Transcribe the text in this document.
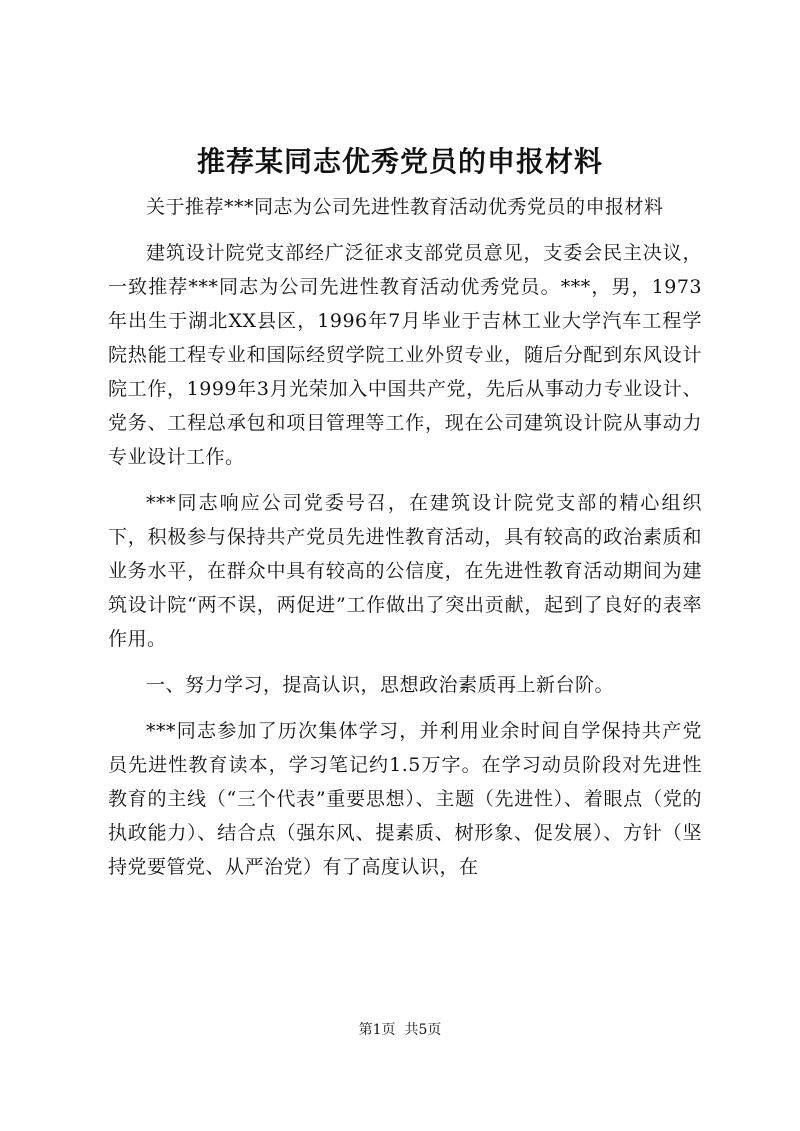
推荐某同志优秀党员的申报材料

关于推荐***同志为公司先进性教育活动优秀党员的申报材料

建筑设计院党支部经广泛征求支部党员意见，支委会民主决议，一致推荐***同志为公司先进性教育活动优秀党员。***，男，1973年出生于湖北XX县区，1996年7月毕业于吉林工业大学汽车工程学院热能工程专业和国际经贸学院工业外贸专业，随后分配到东风设计院工作，1999年3月光荣加入中国共产党，先后从事动力专业设计、党务、工程总承包和项目管理等工作，现在公司建筑设计院从事动力专业设计工作。

***同志响应公司党委号召，在建筑设计院党支部的精心组织下，积极参与保持共产党员先进性教育活动，具有较高的政治素质和业务水平，在群众中具有较高的公信度，在先进性教育活动期间为建筑设计院“两不误，两促进”工作做出了突出贡献，起到了良好的表率作用。

一、努力学习，提高认识，思想政治素质再上新台阶。

***同志参加了历次集体学习，并利用业余时间自学保持共产党员先进性教育读本，学习笔记约1.5万字。在学习动员阶段对先进性教育的主线（“三个代表”重要思想）、主题（先进性）、着眼点（党的执政能力）、结合点（强东风、提素质、树形象、促发展）、方针（坚持党要管党、从严治党）有了高度认识，在

第1页 共5页
